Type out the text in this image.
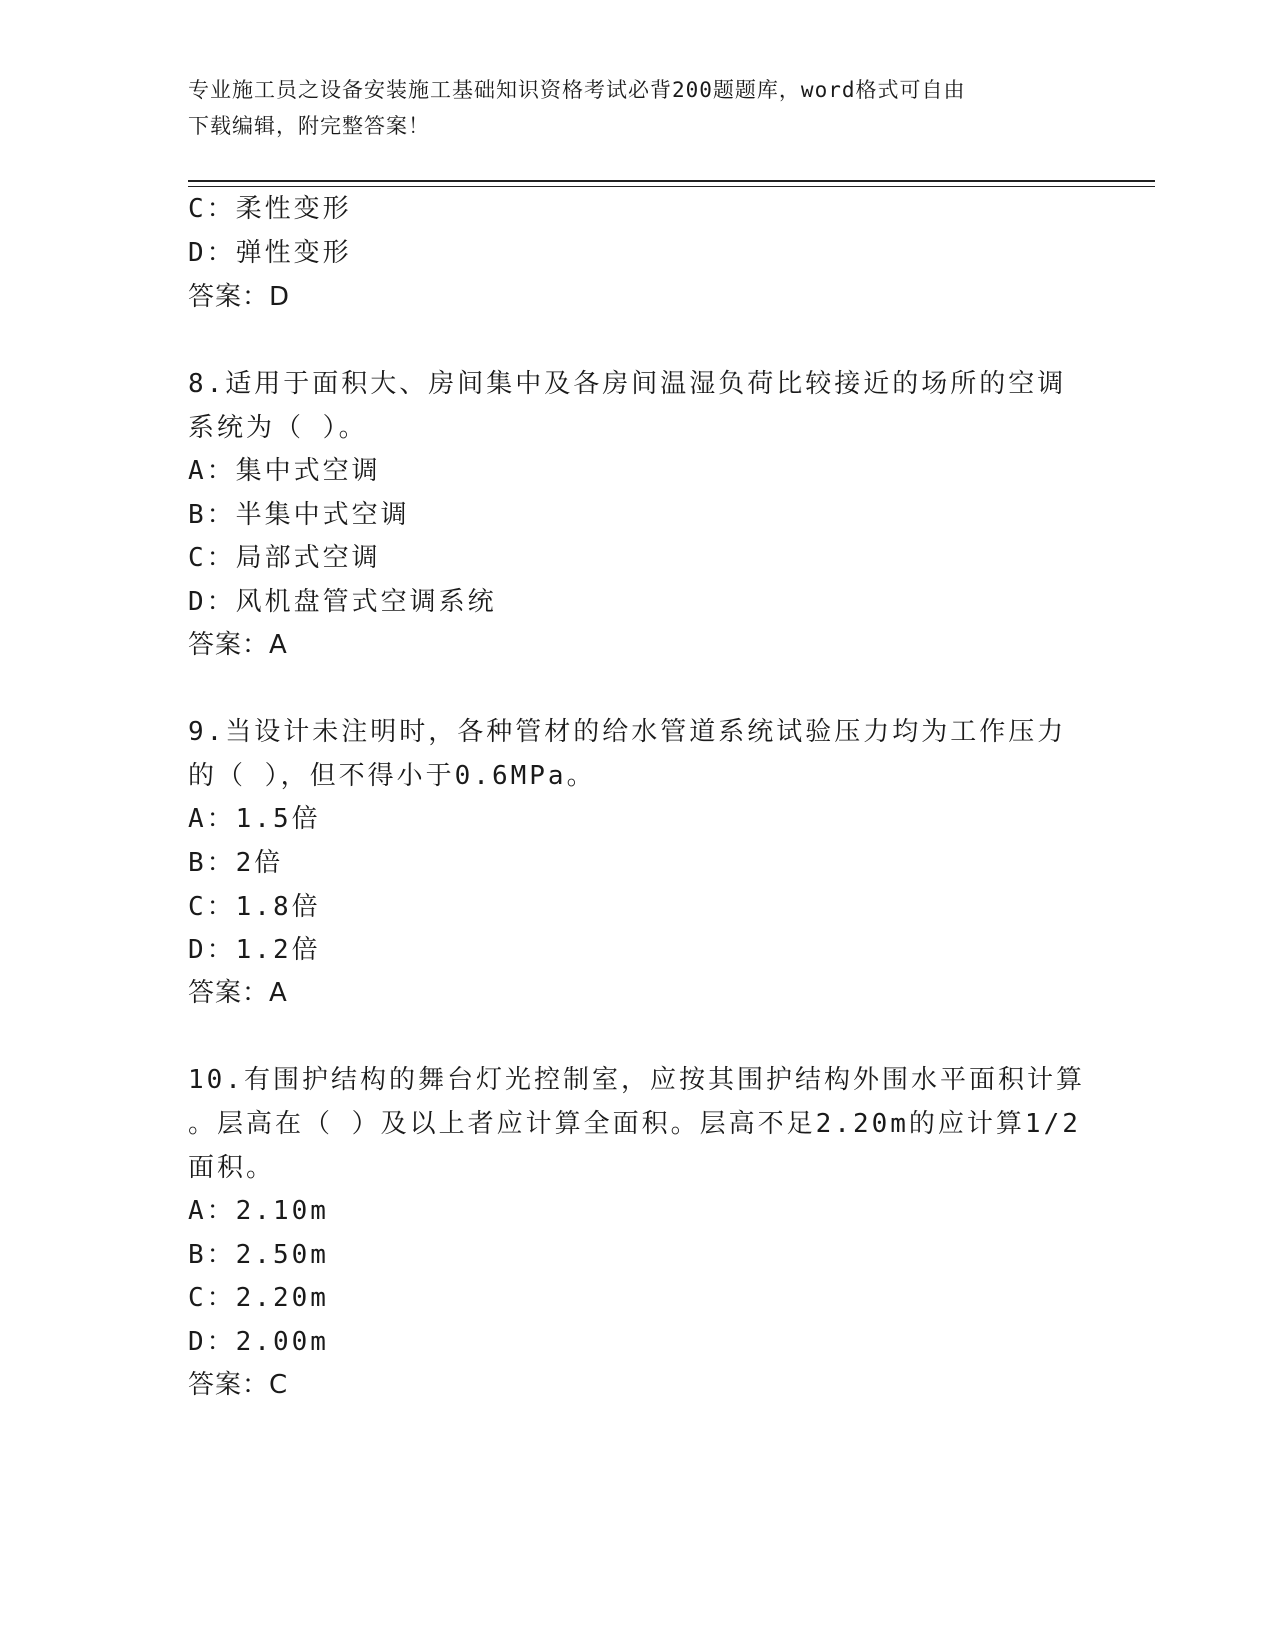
专业施工员之设备安装施工基础知识资格考试必背200题题库，word格式可自由
下载编辑，附完整答案！
C：柔性变形
D：弹性变形
答案：D
8.适用于面积大、房间集中及各房间温湿负荷比较接近的场所的空调
系统为（ ）。
A：集中式空调
B：半集中式空调
C：局部式空调
D：风机盘管式空调系统
答案：A
9.当设计未注明时，各种管材的给水管道系统试验压力均为工作压力
的（ ），但不得小于0.6MPa。
A：1.5倍
B：2倍
C：1.8倍
D：1.2倍
答案：A
10.有围护结构的舞台灯光控制室，应按其围护结构外围水平面积计算
。层高在（ ）及以上者应计算全面积。层高不足2.20m的应计算1/2
面积。
A：2.10m
B：2.50m
C：2.20m
D：2.00m
答案：C
